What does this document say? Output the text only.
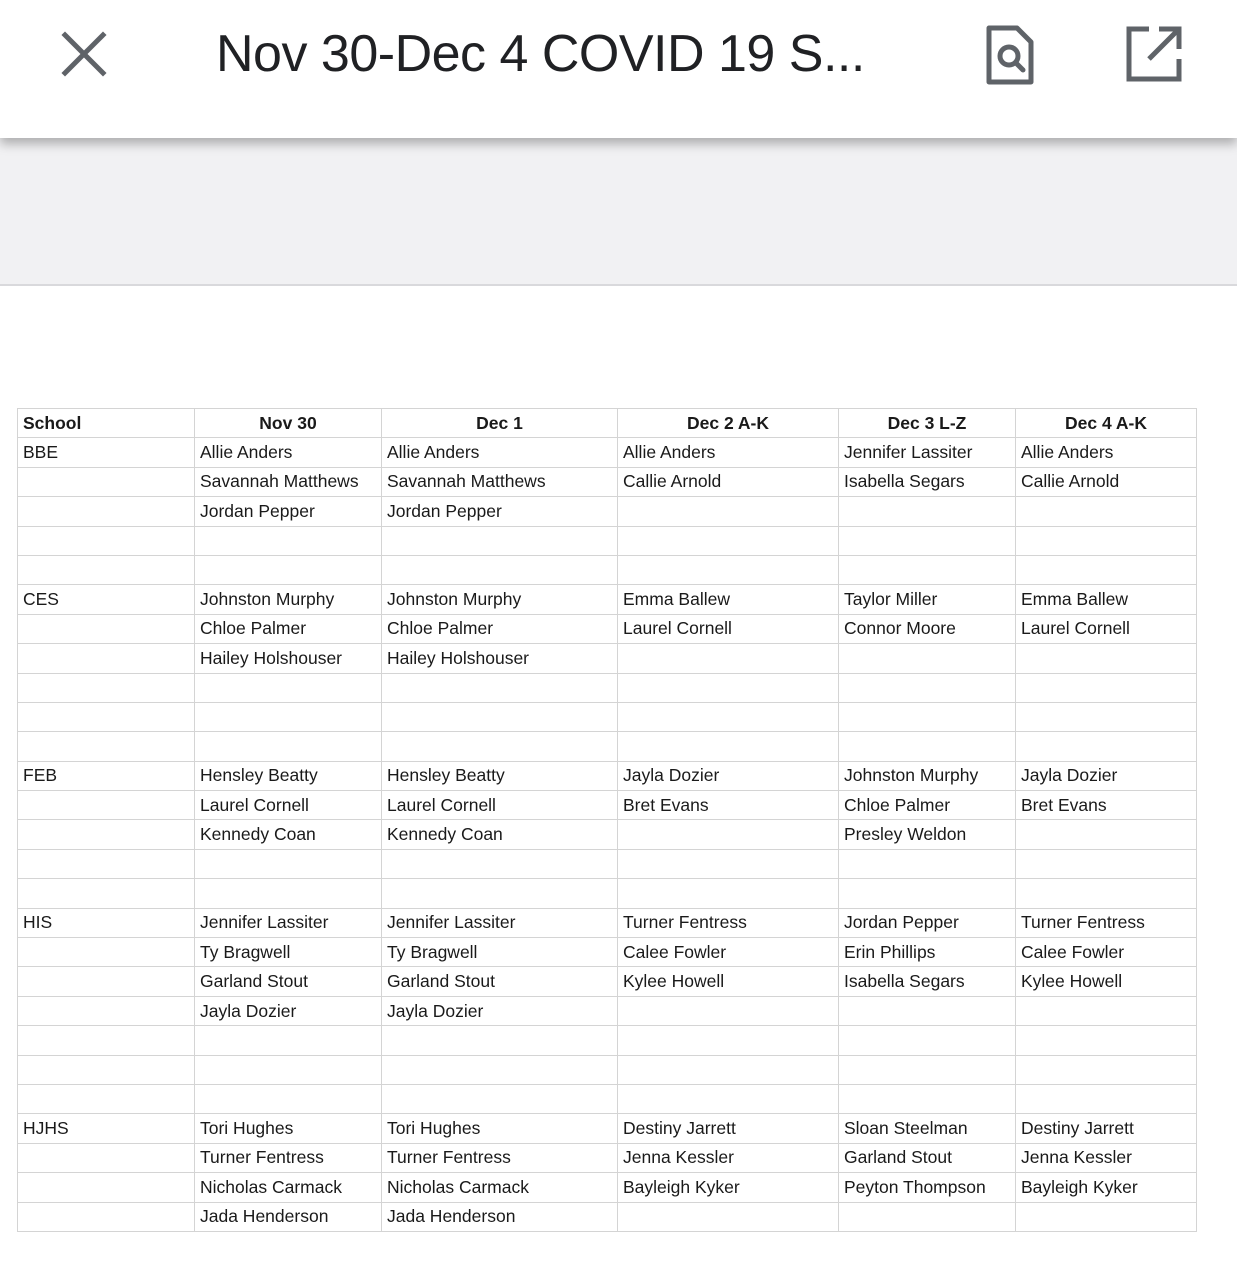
Nov 30-Dec 4 COVID 19 S...
School	Nov 30	Dec 1	Dec 2 A-K	Dec 3 L-Z	Dec 4 A-K
BBE	Allie Anders	Allie Anders	Allie Anders	Jennifer Lassiter	Allie Anders
	Savannah Matthews	Savannah Matthews	Callie Arnold	Isabella Segars	Callie Arnold
	Jordan Pepper	Jordan Pepper			

CES	Johnston Murphy	Johnston Murphy	Emma Ballew	Taylor Miller	Emma Ballew
	Chloe Palmer	Chloe Palmer	Laurel Cornell	Connor Moore	Laurel Cornell
	Hailey Holshouser	Hailey Holshouser			

FEB	Hensley Beatty	Hensley Beatty	Jayla Dozier	Johnston Murphy	Jayla Dozier
	Laurel Cornell	Laurel Cornell	Bret Evans	Chloe Palmer	Bret Evans
	Kennedy Coan	Kennedy Coan		Presley Weldon	

HIS	Jennifer Lassiter	Jennifer Lassiter	Turner Fentress	Jordan Pepper	Turner Fentress
	Ty Bragwell	Ty Bragwell	Calee Fowler	Erin Phillips	Calee Fowler
	Garland Stout	Garland Stout	Kylee Howell	Isabella Segars	Kylee Howell
	Jayla Dozier	Jayla Dozier			

HJHS	Tori Hughes	Tori Hughes	Destiny Jarrett	Sloan Steelman	Destiny Jarrett
	Turner Fentress	Turner Fentress	Jenna Kessler	Garland Stout	Jenna Kessler
	Nicholas Carmack	Nicholas Carmack	Bayleigh Kyker	Peyton Thompson	Bayleigh Kyker
	Jada Henderson	Jada Henderson			
